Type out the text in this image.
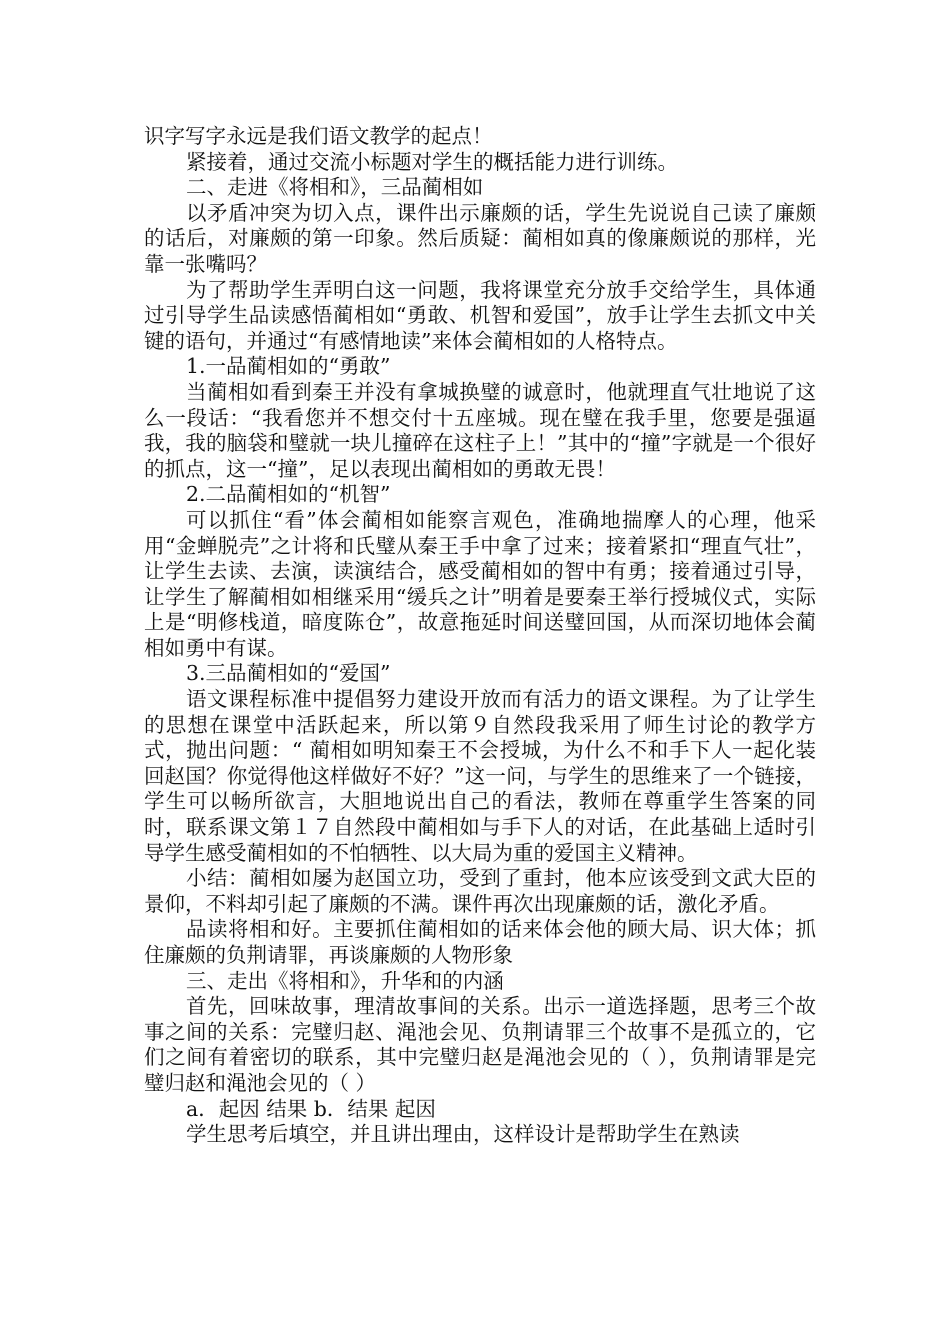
识字写字永远是我们语文教学的起点！

紧接着，通过交流小标题对学生的概括能力进行训练。

二、走进《将相和》，三品蔺相如

以矛盾冲突为切入点，课件出示廉颇的话，学生先说说自己读了廉颇的话后，对廉颇的第一印象。然后质疑：蔺相如真的像廉颇说的那样，光靠一张嘴吗？

为了帮助学生弄明白这一问题，我将课堂充分放手交给学生，具体通过引导学生品读感悟蔺相如“勇敢、机智和爱国”，放手让学生去抓文中关键的语句，并通过“有感情地读”来体会蔺相如的人格特点。

1.一品蔺相如的“勇敢”

当蔺相如看到秦王并没有拿城换璧的诚意时，他就理直气壮地说了这么一段话：“我看您并不想交付十五座城。现在璧在我手里，您要是强逼我，我的脑袋和璧就一块儿撞碎在这柱子上！”其中的“撞”字就是一个很好的抓点，这一“撞”，足以表现出蔺相如的勇敢无畏！

2.二品蔺相如的“机智”

可以抓住“看”体会蔺相如能察言观色，准确地揣摩人的心理，他采用“金蝉脱壳”之计将和氏璧从秦王手中拿了过来；接着紧扣“理直气壮”，让学生去读、去演，读演结合，感受蔺相如的智中有勇；接着通过引导，让学生了解蔺相如相继采用“缓兵之计”明着是要秦王举行授城仪式，实际上是“明修栈道，暗度陈仓”，故意拖延时间送璧回国，从而深切地体会蔺相如勇中有谋。

3.三品蔺相如的“爱国”

语文课程标准中提倡努力建设开放而有活力的语文课程。为了让学生的思想在课堂中活跃起来，所以第９自然段我采用了师生讨论的教学方式，抛出问题：“ 蔺相如明知秦王不会授城，为什么不和手下人一起化装回赵国？你觉得他这样做好不好？”这一问，与学生的思维来了一个链接，学生可以畅所欲言，大胆地说出自己的看法，教师在尊重学生答案的同时，联系课文第１７自然段中蔺相如与手下人的对话，在此基础上适时引导学生感受蔺相如的不怕牺牲、以大局为重的爱国主义精神。

小结：蔺相如屡为赵国立功，受到了重封，他本应该受到文武大臣的景仰，不料却引起了廉颇的不满。课件再次出现廉颇的话，激化矛盾。

品读将相和好。主要抓住蔺相如的话来体会他的顾大局、识大体；抓住廉颇的负荆请罪，再谈廉颇的人物形象

三、走出《将相和》，升华和的内涵

首先，回味故事，理清故事间的关系。出示一道选择题，思考三个故事之间的关系：完璧归赵、渑池会见、负荆请罪三个故事不是孤立的，它们之间有着密切的联系，其中完璧归赵是渑池会见的（ ），负荆请罪是完璧归赵和渑池会见的（ ）

a．起因 结果 b．结果 起因

学生思考后填空，并且讲出理由，这样设计是帮助学生在熟读
